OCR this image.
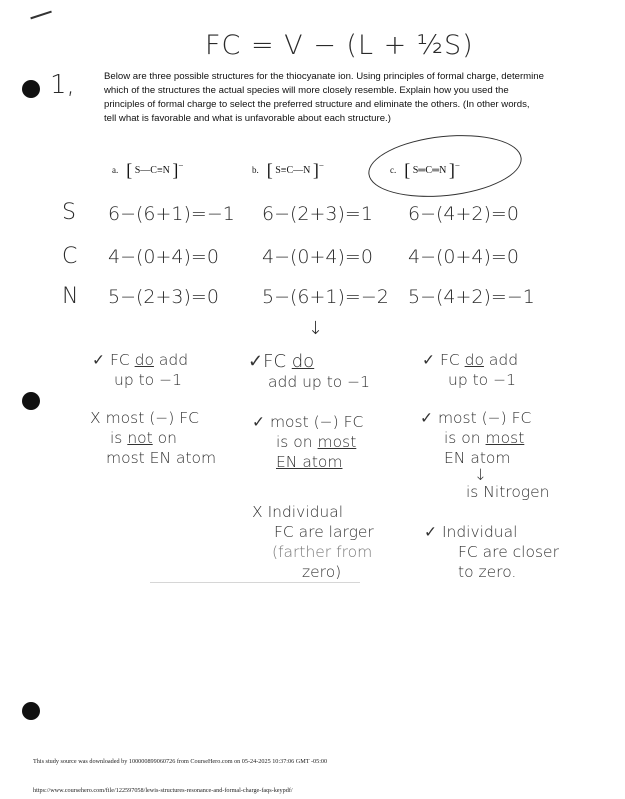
FC = V − (L + ½S)
1,	Below are three possible structures for the thiocyanate ion. Using principles of formal charge, determine which of the structures the actual species will more closely resemble. Explain how you used the principles of formal charge to select the preferred structure and eliminate the others. (In other words, tell what is favorable and what is unfavorable about each structure.)
a. [ S—C≡N ]−	b. [ S≡C—N ]−	c. [ S═C═N ]−
S 6−(6+1)=−1 6−(2+3)=1 6−(4+2)=0
C 4−(0+4)=0 4−(0+4)=0 4−(0+4)=0
N 5−(2+3)=0 5−(6+1)=−2 5−(4+2)=−1
↓
✓ FC do add
up to −1
X most (−) FC
is not on
most EN atom
✓FC do
add up to −1
✓ most (−) FC
is on most
EN atom
X Individual
FC are larger
(farther from
zero)
✓ FC do add
up to −1
✓ most (−) FC
is on most
EN atom
↓
is Nitrogen
✓ Individual
FC are closer
to zero.
This study source was downloaded by 100000899060726 from CourseHero.com on 05-24-2025 10:37:06 GMT -05:00
https://www.coursehero.com/file/122597058/lewis-structures-resonance-and-formal-charge-faqs-keypdf/
